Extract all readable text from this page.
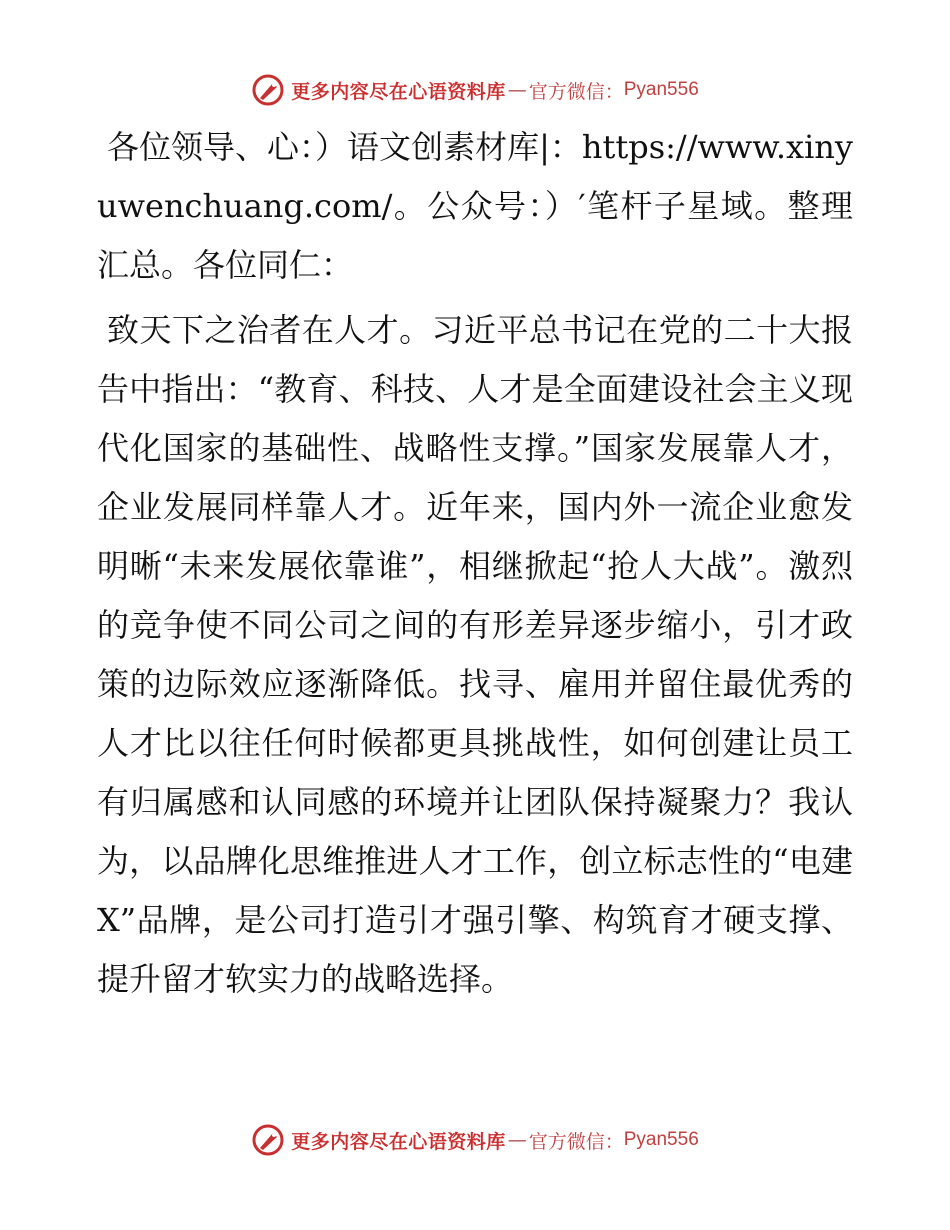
更多内容尽在心语资料库 — 官方微信： Pyan556

各位领导、心：）语文创素材库|：https://www.xinyuwenchuang.com/。公众号：）′笔杆子星域。整理汇总。各位同仁：

致天下之治者在人才。习近平总书记在党的二十大报告中指出：“教育、科技、人才是全面建设社会主义现代化国家的基础性、战略性支撑。”国家发展靠人才，企业发展同样靠人才。近年来，国内外一流企业愈发明晰“未来发展依靠谁”，相继掀起“抢人大战”。激烈的竞争使不同公司之间的有形差异逐步缩小，引才政策的边际效应逐渐降低。找寻、雇用并留住最优秀的人才比以往任何时候都更具挑战性，如何创建让员工有归属感和认同感的环境并让团队保持凝聚力？我认为，以品牌化思维推进人才工作，创立标志性的“电建X”品牌，是公司打造引才强引擎、构筑育才硬支撑、提升留才软实力的战略选择。

更多内容尽在心语资料库 — 官方微信： Pyan556
